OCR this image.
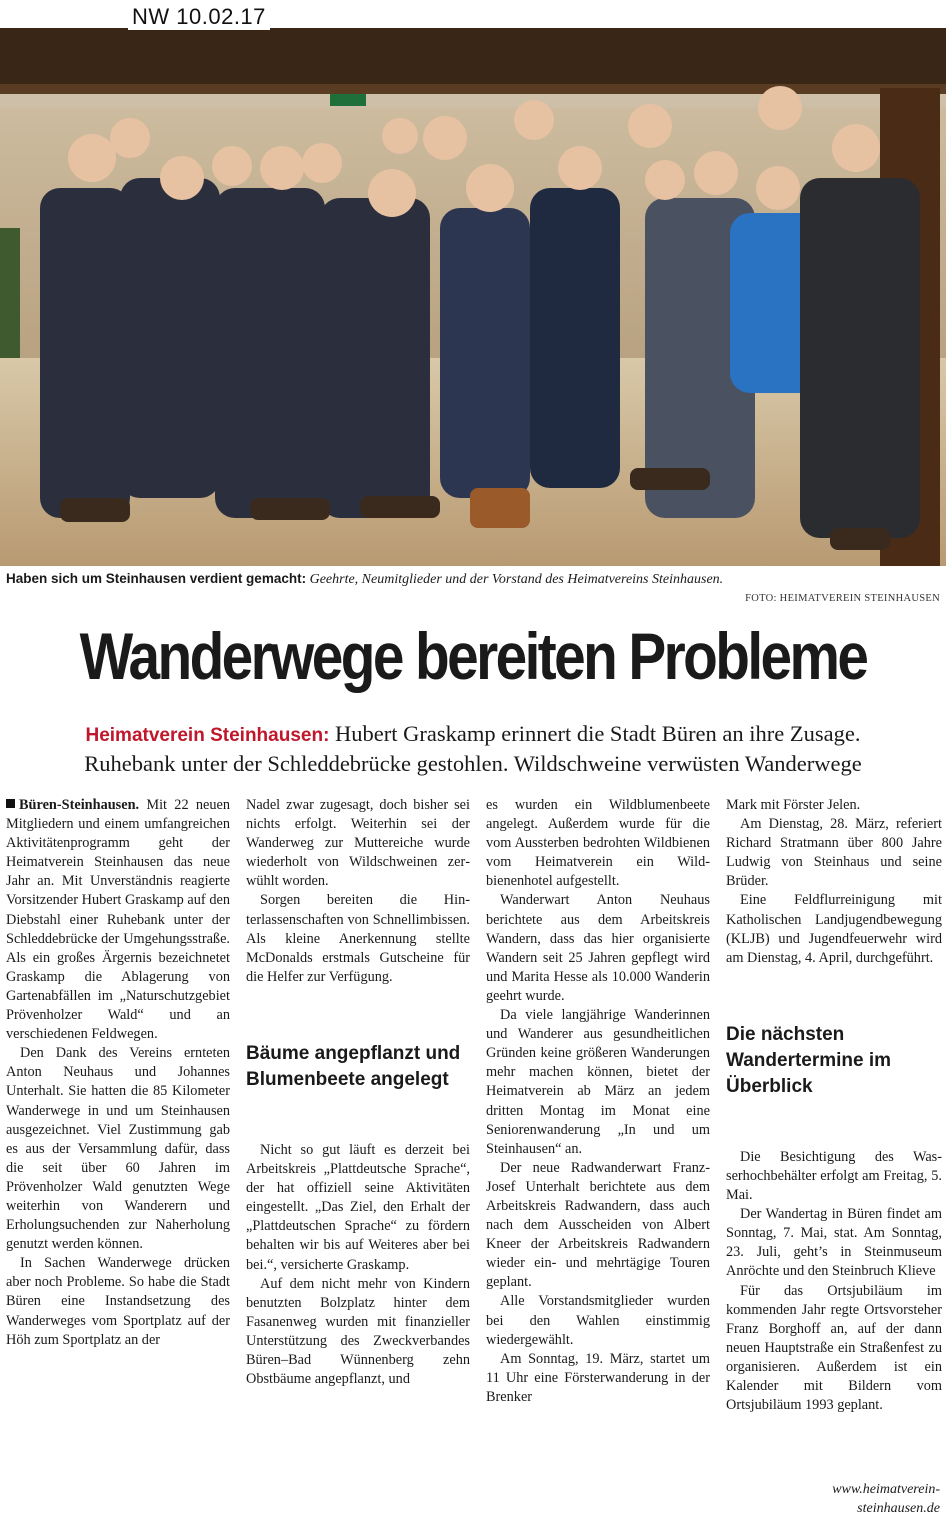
NW 10.02.17
Haben sich um Steinhausen verdient gemacht: Geehrte, Neumitglieder und der Vorstand des Heimatvereins Steinhausen.
FOTO: HEIMATVEREIN STEINHAUSEN
Wanderwege bereiten Probleme
Heimatverein Steinhausen: Hubert Graskamp erinnert die Stadt Büren an ihre Zusage.
Ruhebank unter der Schleddebrücke gestohlen. Wildschweine verwüsten Wanderwege

Büren-Steinhausen. Mit 22 neuen Mitgliedern und einem umfangreichen Aktivitätenprogramm geht der Heimatverein Steinhausen das neue Jahr an. Mit Unverständnis reagierte Vorsitzender Hubert Graskamp auf den Diebstahl einer Ruhebank unter der Schleddebrücke der Umgehungsstraße. Als ein großes Ärgernis bezeichnetet Graskamp die Ablagerung von Gartenabfällen im „Naturschutzgebiet Prövenholzer Wald“ und an verschiedenen Feldwegen.

Den Dank des Vereins ernteten Anton Neuhaus und Johannes Unterhalt. Sie hatten die 85 Kilometer Wanderwege in und um Steinhausen ausgezeichnet. Viel Zustimmung gab es aus der Versammlung dafür, dass die seit über 60 Jahren im Prövenholzer Wald genutzten Wege weiterhin von Wanderern und Erholungsuchenden zur Naherholung genutzt werden können.

In Sachen Wanderwege drücken aber noch Probleme. So habe die Stadt Büren eine Instandsetzung des Wanderweges vom Sportplatz auf der Höh zum Sportplatz an der

Nadel zwar zugesagt, doch bisher sei nichts erfolgt. Weiterhin sei der Wanderweg zur Muttereiche wurde wiederholt von Wildschweinen zerwühlt worden.

Sorgen bereiten die Hinterlassenschaften von Schnellimbissen. Als kleine Anerkennung stellte McDonalds erstmals Gutscheine für die Helfer zur Verfügung.

Bäume angepflanzt und Blumenbeete angelegt

Nicht so gut läuft es derzeit bei Arbeitskreis „Plattdeutsche Sprache“, der hat offiziell seine Aktivitäten eingestellt. „Das Ziel, den Erhalt der „Plattdeutschen Sprache“ zu fördern behalten wir bis auf Weiteres aber bei bei.“, versicherte Graskamp.

Auf dem nicht mehr von Kindern benutzten Bolzplatz hinter dem Fasanenweg wurden mit finanzieller Unterstützung des Zweckverbandes Büren–Bad Wünnenberg zehn Obstbäume angepflanzt, und

es wurden ein Wildblumenbeete angelegt. Außerdem wurde für die vom Aussterben bedrohten Wildbienen vom Heimatverein ein Wildbienenhotel aufgestellt.

Wanderwart Anton Neuhaus berichtete aus dem Arbeitskreis Wandern, dass das hier organisierte Wandern seit 25 Jahren gepflegt wird und Marita Hesse als 10.000 Wanderin geehrt wurde.

Da viele langjährige Wanderinnen und Wanderer aus gesundheitlichen Gründen keine größeren Wanderungen mehr machen können, bietet der Heimatverein ab März an jedem dritten Montag im Monat eine Seniorenwanderung „In und um Steinhausen“ an.

Der neue Radwanderwart Franz-Josef Unterhalt berichtete aus dem Arbeitskreis Radwandern, dass auch nach dem Ausscheiden von Albert Kneer der Arbeitskreis Radwandern wieder ein- und mehrtägige Touren geplant.

Alle Vorstandsmitglieder wurden bei den Wahlen einstimmig wiedergewählt.

Am Sonntag, 19. März, startet um 11 Uhr eine Försterwanderung in der Brenker

Mark mit Förster Jelen.

Am Dienstag, 28. März, referiert Richard Stratmann über 800 Jahre Ludwig von Steinhaus und seine Brüder.

Eine Feldflurreinigung mit Katholischen Landjugendbewegung (KLJB) und Jugendfeuerwehr wird am Dienstag, 4. April, durchgeführt.

Die nächsten Wandertermine im Überblick

Die Besichtigung des Wasserhochbehälter erfolgt am Freitag, 5. Mai.

Der Wandertag in Büren findet am Sonntag, 7. Mai, stat. Am Sonntag, 23. Juli, geht’s in Steinmuseum Anröchte und den Steinbruch Klieve

Für das Ortsjubiläum im kommenden Jahr regte Ortsvorsteher Franz Borghoff an, auf der dann neuen Hauptstraße ein Straßenfest zu organisieren. Außerdem ist ein Kalender mit Bildern vom Ortsjubiläum 1993 geplant.

www.heimatverein-
steinhausen.de
